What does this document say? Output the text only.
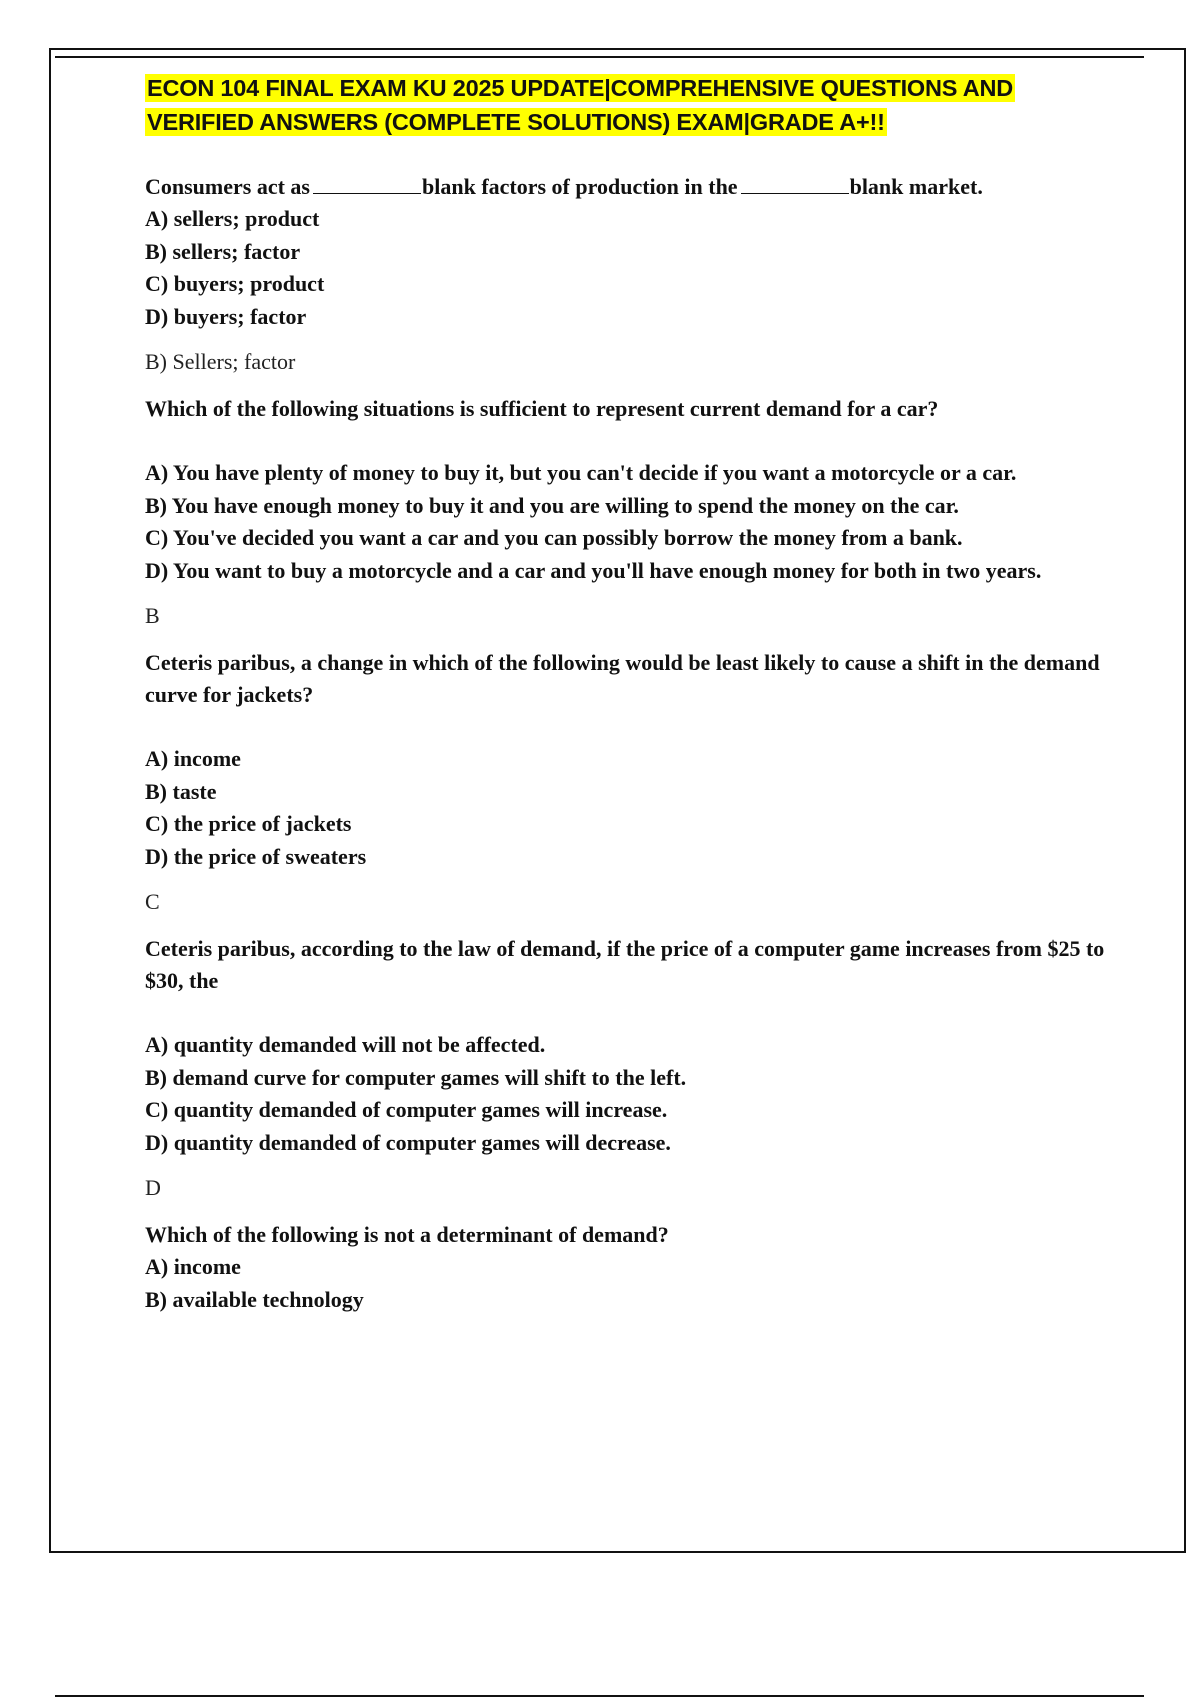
ECON 104 FINAL EXAM KU 2025 UPDATE|COMPREHENSIVE QUESTIONS AND
VERIFIED ANSWERS (COMPLETE SOLUTIONS) EXAM|GRADE A+!!

Consumers act as	blank factors of production in the	blank market.

A) sellers; product
B) sellers; factor
C) buyers; product
D) buyers; factor

B) Sellers; factor

Which of the following situations is sufficient to represent current demand for a car?

A) You have plenty of money to buy it, but you can't decide if you want a motorcycle or a car.
B) You have enough money to buy it and you are willing to spend the money on the car.
C) You've decided you want a car and you can possibly borrow the money from a bank.
D) You want to buy a motorcycle and a car and you'll have enough money for both in two years.

B

Ceteris paribus, a change in which of the following would be least likely to cause a shift in the demand curve for jackets?

A) income
B) taste
C) the price of jackets
D) the price of sweaters

C

Ceteris paribus, according to the law of demand, if the price of a computer game increases from $25 to $30, the

A) quantity demanded will not be affected.
B) demand curve for computer games will shift to the left.
C) quantity demanded of computer games will increase.
D) quantity demanded of computer games will decrease.

D

Which of the following is not a determinant of demand?

A) income
B) available technology
